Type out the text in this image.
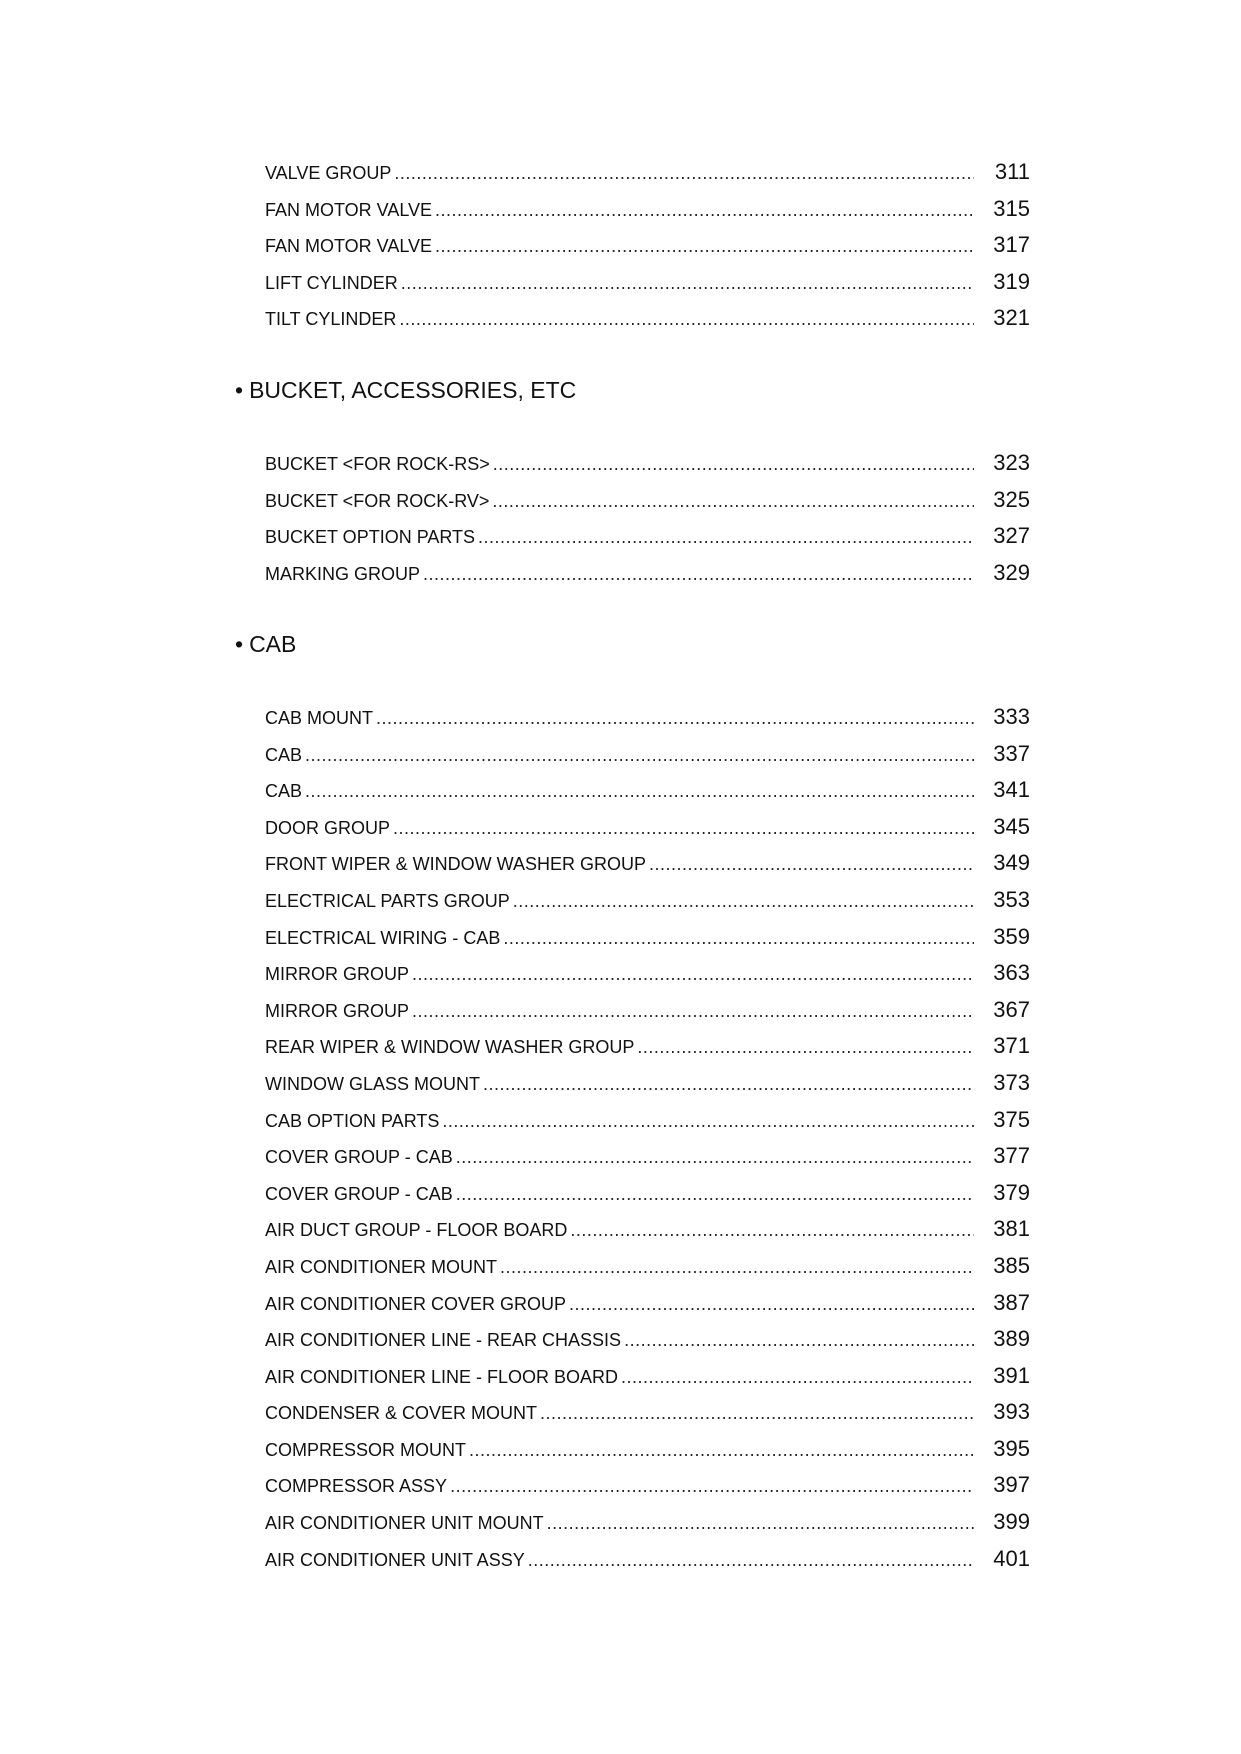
VALVE GROUP .....	311
FAN MOTOR VALVE .....	315
FAN MOTOR VALVE .....	317
LIFT CYLINDER .....	319
TILT CYLINDER .....	321
• BUCKET, ACCESSORIES, ETC
BUCKET <FOR ROCK-RS> .....	323
BUCKET <FOR ROCK-RV> .....	325
BUCKET OPTION PARTS .....	327
MARKING GROUP .....	329
• CAB
CAB MOUNT .....	333
CAB .....	337
CAB .....	341
DOOR GROUP .....	345
FRONT WIPER & WINDOW WASHER GROUP .....	349
ELECTRICAL PARTS GROUP .....	353
ELECTRICAL WIRING - CAB .....	359
MIRROR GROUP .....	363
MIRROR GROUP .....	367
REAR WIPER & WINDOW WASHER GROUP .....	371
WINDOW GLASS MOUNT .....	373
CAB OPTION PARTS .....	375
COVER GROUP - CAB .....	377
COVER GROUP - CAB .....	379
AIR DUCT GROUP - FLOOR BOARD .....	381
AIR CONDITIONER MOUNT .....	385
AIR CONDITIONER COVER GROUP .....	387
AIR CONDITIONER LINE - REAR CHASSIS .....	389
AIR CONDITIONER LINE - FLOOR BOARD .....	391
CONDENSER & COVER MOUNT .....	393
COMPRESSOR MOUNT .....	395
COMPRESSOR ASSY .....	397
AIR CONDITIONER UNIT MOUNT .....	399
AIR CONDITIONER UNIT ASSY .....	401
